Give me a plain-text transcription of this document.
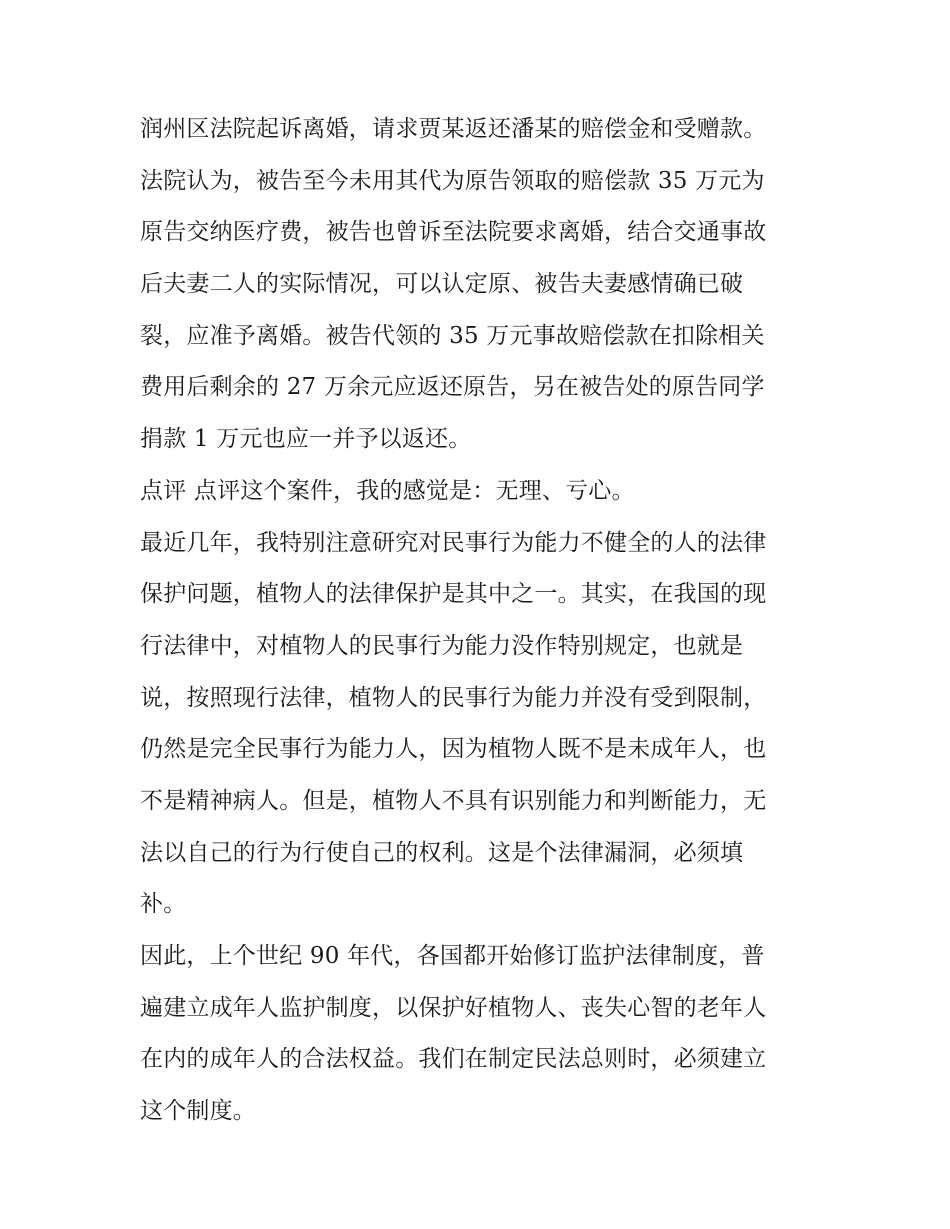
润州区法院起诉离婚，请求贾某返还潘某的赔偿金和受赠款。
法院认为，被告至今未用其代为原告领取的赔偿款 35 万元为
原告交纳医疗费，被告也曾诉至法院要求离婚，结合交通事故
后夫妻二人的实际情况，可以认定原、被告夫妻感情确已破
裂，应准予离婚。被告代领的 35 万元事故赔偿款在扣除相关
费用后剩余的 27 万余元应返还原告，另在被告处的原告同学
捐款 1 万元也应一并予以返还。
点评 点评这个案件，我的感觉是：无理、亏心。
最近几年，我特别注意研究对民事行为能力不健全的人的法律
保护问题，植物人的法律保护是其中之一。其实，在我国的现
行法律中，对植物人的民事行为能力没作特别规定，也就是
说，按照现行法律，植物人的民事行为能力并没有受到限制，
仍然是完全民事行为能力人，因为植物人既不是未成年人，也
不是精神病人。但是，植物人不具有识别能力和判断能力，无
法以自己的行为行使自己的权利。这是个法律漏洞，必须填
补。
因此，上个世纪 90 年代，各国都开始修订监护法律制度，普
遍建立成年人监护制度，以保护好植物人、丧失心智的老年人
在内的成年人的合法权益。我们在制定民法总则时，必须建立
这个制度。
